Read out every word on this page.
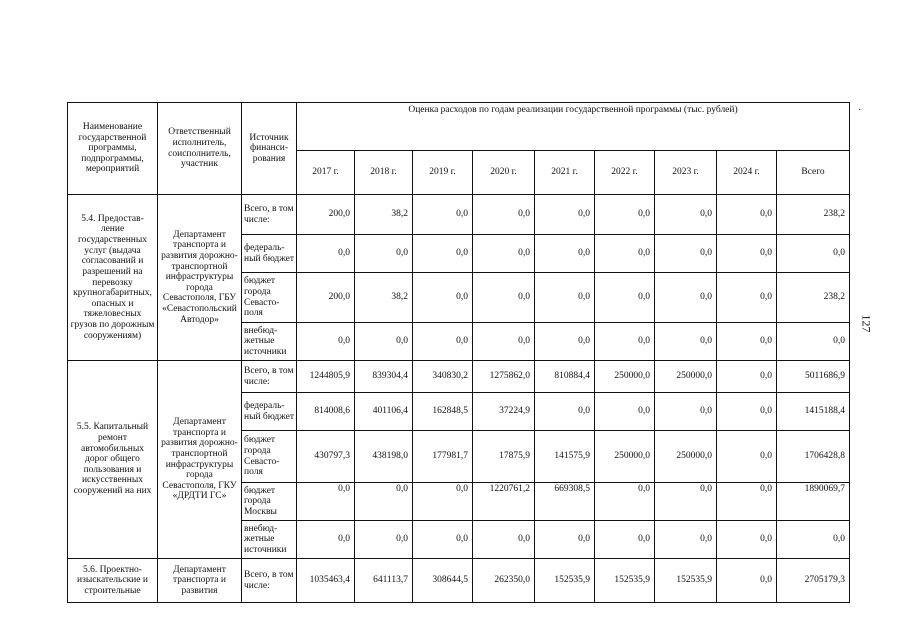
Наименование государственной программы, подпрограммы, мероприятий	Ответственный исполнитель, соисполнитель, участник	Источник финанси-рования	Оценка расходов по годам реализации государственной программы (тыс. рублей)								
			2017 г.	2018 г.	2019 г.	2020 г.	2021 г.	2022 г.	2023 г.	2024 г.	Всего
5.4. Предостав-ление государственных услуг (выдача согласований и разрешений на перевозку крупногабаритных, опасных и тяжеловесных грузов по дорожным сооружениям)	Департамент транспорта и развития дорожно-транспортной инфраструктуры города Севастополя, ГБУ «Севастопольский Автодор»	Всего, в том числе:	200,0	38,2	0,0	0,0	0,0	0,0	0,0	0,0	238,2
		федераль-ный бюджет	0,0	0,0	0,0	0,0	0,0	0,0	0,0	0,0	0,0
		бюджет города Севасто-поля	200,0	38,2	0,0	0,0	0,0	0,0	0,0	0,0	238,2
		внебюд-жетные источники	0,0	0,0	0,0	0,0	0,0	0,0	0,0	0,0	0,0
5.5. Капитальный ремонт автомобильных дорог общего пользования и искусственных сооружений на них	Департамент транспорта и развития дорожно-транспортной инфраструктуры города Севастополя, ГКУ «ДРДТИ ГС»	Всего, в том числе:	1244805,9	839304,4	340830,2	1275862,0	810884,4	250000,0	250000,0	0,0	5011686,9
		федераль-ный бюджет	814008,6	401106,4	162848,5	37224,9	0,0	0,0	0,0	0,0	1415188,4
		бюджет города Севасто-поля	430797,3	438198,0	177981,7	17875,9	141575,9	250000,0	250000,0	0,0	1706428,8
		бюджет города Москвы	0,0	0,0	0,0	1220761,2	669308,5	0,0	0,0	0,0	1890069,7
		внебюд-жетные источники	0,0	0,0	0,0	0,0	0,0	0,0	0,0	0,0	0,0
5.6. Проектно-изыскательские и строительные	Департамент транспорта и развития	Всего, в том числе:	1035463,4	641113,7	308644,5	262350,0	152535,9	152535,9	152535,9	0,0	2705179,3
·
127
